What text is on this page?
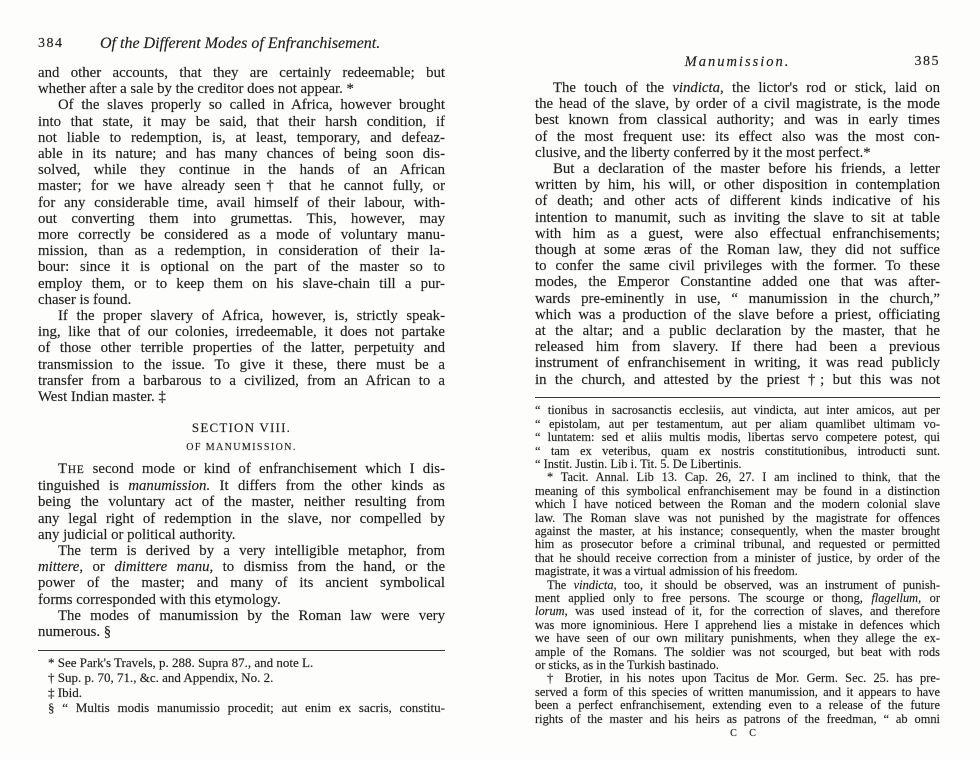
384 Of the Different Modes of Enfranchisement.
and other accounts, that they are certainly redeemable; but
whether after a sale by the creditor does not appear. *
Of the slaves properly so called in Africa, however brought
into that state, it may be said, that their harsh condition, if
not liable to redemption, is, at least, temporary, and defeaz-
able in its nature; and has many chances of being soon dis-
solved, while they continue in the hands of an African
master; for we have already seen† that he cannot fully, or
for any considerable time, avail himself of their labour, with-
out converting them into grumettas. This, however, may
more correctly be considered as a mode of voluntary manu-
mission, than as a redemption, in consideration of their la-
bour: since it is optional on the part of the master so to
employ them, or to keep them on his slave-chain till a pur-
chaser is found.
If the proper slavery of Africa, however, is, strictly speak-
ing, like that of our colonies, irredeemable, it does not partake
of those other terrible properties of the latter, perpetuity and
transmission to the issue. To give it these, there must be a
transfer from a barbarous to a civilized, from an African to a
West Indian master. ‡
SECTION VIII.
OF MANUMISSION.
THE second mode or kind of enfranchisement which I dis-
tinguished is manumission. It differs from the other kinds as
being the voluntary act of the master, neither resulting from
any legal right of redemption in the slave, nor compelled by
any judicial or political authority.
The term is derived by a very intelligible metaphor, from
mittere, or dimittere manu, to dismiss from the hand, or the
power of the master; and many of its ancient symbolical
forms corresponded with this etymology.
The modes of manumission by the Roman law were very
numerous. §
* See Park's Travels, p. 288. Supra 87., and note L.
† Sup. p. 70, 71., &c. and Appendix, No. 2.
‡ Ibid.
§ “ Multis modis manumissio procedit; aut enim ex sacris, constitu-
Manumission.	385
The touch of the vindicta, the lictor's rod or stick, laid on
the head of the slave, by order of a civil magistrate, is the mode
best known from classical authority; and was in early times
of the most frequent use: its effect also was the most con-
clusive, and the liberty conferred by it the most perfect.*
But a declaration of the master before his friends, a letter
written by him, his will, or other disposition in contemplation
of death; and other acts of different kinds indicative of his
intention to manumit, such as inviting the slave to sit at table
with him as a guest, were also effectual enfranchisements;
though at some æras of the Roman law, they did not suffice
to confer the same civil privileges with the former. To these
modes, the Emperor Constantine added one that was after-
wards pre-eminently in use, “ manumission in the church,”
which was a production of the slave before a priest, officiating
at the altar; and a public declaration by the master, that he
released him from slavery. If there had been a previous
instrument of enfranchisement in writing, it was read publicly
in the church, and attested by the priest †; but this was not
“ tionibus in sacrosanctis ecclesiis, aut vindicta, aut inter amicos, aut per
“ epistolam, aut per testamentum, aut per aliam quamlibet ultimam vo-
“ luntatem: sed et aliis multis modis, libertas servo competere potest, qui
“ tam ex veteribus, quam ex nostris constitutionibus, introducti sunt.
“ Instit. Justin. Lib i. Tit. 5. De Libertinis.
* Tacit. Annal. Lib 13. Cap. 26, 27. I am inclined to think, that the
meaning of this symbolical enfranchisement may be found in a distinction
which I have noticed between the Roman and the modern colonial slave
law. The Roman slave was not punished by the magistrate for offences
against the master, at his instance; consequently, when the master brought
him as prosecutor before a criminal tribunal, and requested or permitted
that he should receive correction from a minister of justice, by order of the
magistrate, it was a virtual admission of his freedom.
The vindicta, too, it should be observed, was an instrument of punish-
ment applied only to free persons. The scourge or thong, flagellum, or
lorum, was used instead of it, for the correction of slaves, and therefore
was more ignominious. Here I apprehend lies a mistake in defences which
we have seen of our own military punishments, when they allege the ex-
ample of the Romans. The soldier was not scourged, but beat with rods
or sticks, as in the Turkish bastinado.
† Brotier, in his notes upon Tacitus de Mor. Germ. Sec. 25. has pre-
served a form of this species of written manumission, and it appears to have
been a perfect enfranchisement, extending even to a release of the future
rights of the master and his heirs as patrons of the freedman, “ ab omni
C C
